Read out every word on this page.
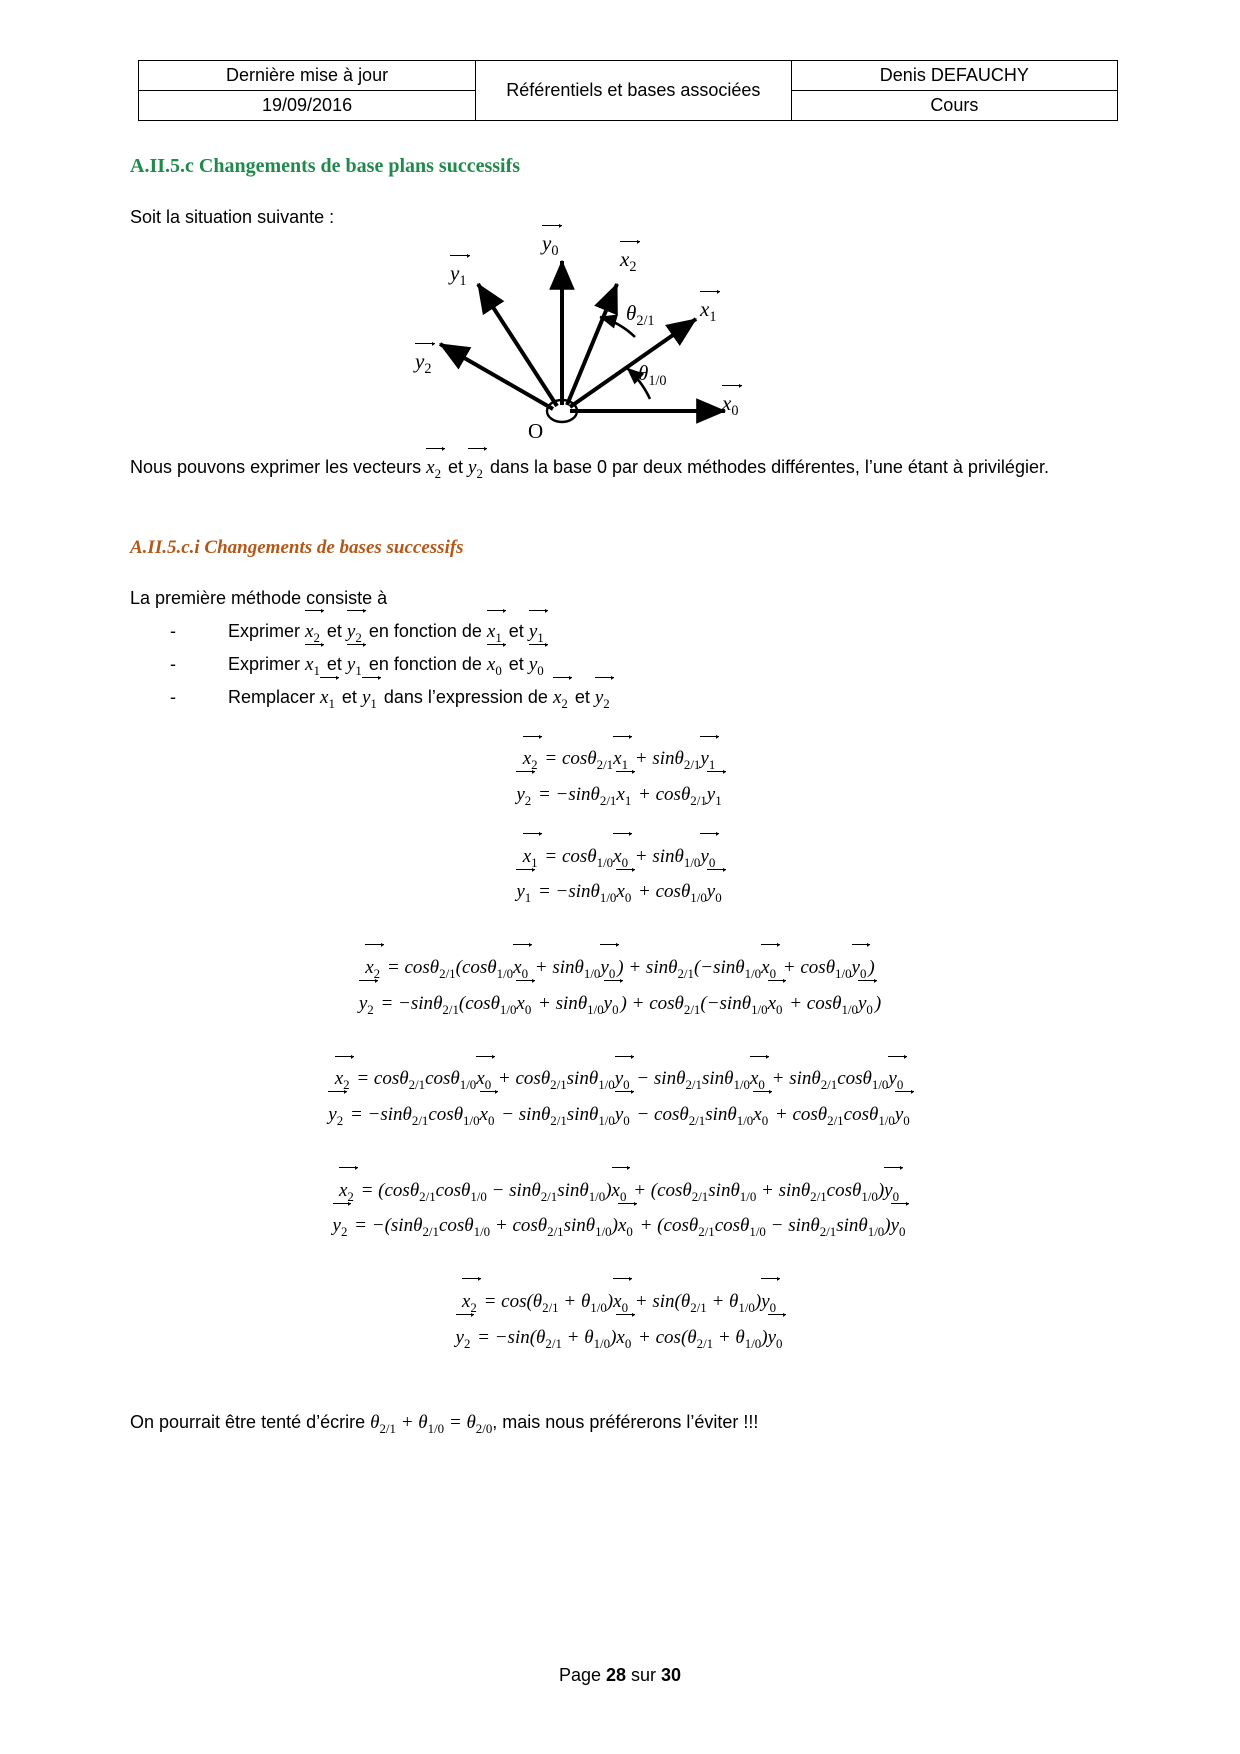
Dernière mise à jour	Référentiels et bases associées	Denis DEFAUCHY
19/09/2016		Cours
A.II.5.c Changements de base plans successifs

Soit la situation suivante :

$y_0$
$y_1$
$y_2$
$x_0$
$x_1$
$x_2$
$\theta_{2/1}$
$\theta_{1/0}$
O

Nous pouvons exprimer les vecteurs $x_2$ et $y_2$ dans la base 0 par deux méthodes différentes, l’une étant à privilégier.

A.II.5.c.i Changements de bases successifs

La première méthode consiste à

- Exprimer $x_2$ et $y_2$ en fonction de $x_1$ et $y_1$
- Exprimer $x_1$ et $y_1$ en fonction de $x_0$ et $y_0$
- Remplacer $x_1$ et $y_1$ dans l’expression de $x_2$ et $y_2$
$x_2 = \cos\theta_{2/1}x_1 + \sin\theta_{2/1}y_1$
$y_2 = -\sin\theta_{2/1}x_1 + \cos\theta_{2/1}y_1$
$x_1 = \cos\theta_{1/0}x_0 + \sin\theta_{1/0}y_0$
$y_1 = -\sin\theta_{1/0}x_0 + \cos\theta_{1/0}y_0$
$x_2 = \cos\theta_{2/1}(\cos\theta_{1/0}x_0 + \sin\theta_{1/0}y_0$ ) + $\sin\theta_{2/1}(-\sin\theta_{1/0}x_0 + \cos\theta_{1/0}y_0$ )
$y_2 = -\sin\theta_{2/1}(\cos\theta_{1/0}x_0 + \sin\theta_{1/0}y_0$ ) + $\cos\theta_{2/1}(-\sin\theta_{1/0}x_0 + \cos\theta_{1/0}y_0$ )
$x_2 = \cos\theta_{2/1}\cos\theta_{1/0}x_0 + \cos\theta_{2/1}\sin\theta_{1/0}y_0 - \sin\theta_{2/1}\sin\theta_{1/0}x_0 + \sin\theta_{2/1}\cos\theta_{1/0}y_0$
$y_2 = -\sin\theta_{2/1}\cos\theta_{1/0}x_0 - \sin\theta_{2/1}\sin\theta_{1/0}y_0 - \cos\theta_{2/1}\sin\theta_{1/0}x_0 + \cos\theta_{2/1}\cos\theta_{1/0}y_0$
$x_2 = (\cos\theta_{2/1}\cos\theta_{1/0} - \sin\theta_{2/1}\sin\theta_{1/0})x_0 + (\cos\theta_{2/1}\sin\theta_{1/0} + \sin\theta_{2/1}\cos\theta_{1/0})y_0$
$y_2 = -(\sin\theta_{2/1}\cos\theta_{1/0} + \cos\theta_{2/1}\sin\theta_{1/0})x_0 + (\cos\theta_{2/1}\cos\theta_{1/0} - \sin\theta_{2/1}\sin\theta_{1/0})y_0$
$x_2 = \cos(\theta_{2/1} + \theta_{1/0})x_0 + \sin(\theta_{2/1} + \theta_{1/0})y_0$
$y_2 = -\sin(\theta_{2/1} + \theta_{1/0})x_0 + \cos(\theta_{2/1} + \theta_{1/0})y_0$

On pourrait être tenté d’écrire $\theta_{2/1} + \theta_{1/0} = \theta_{2/0}$, mais nous préférerons l’éviter !!!

Page 28 sur 30
